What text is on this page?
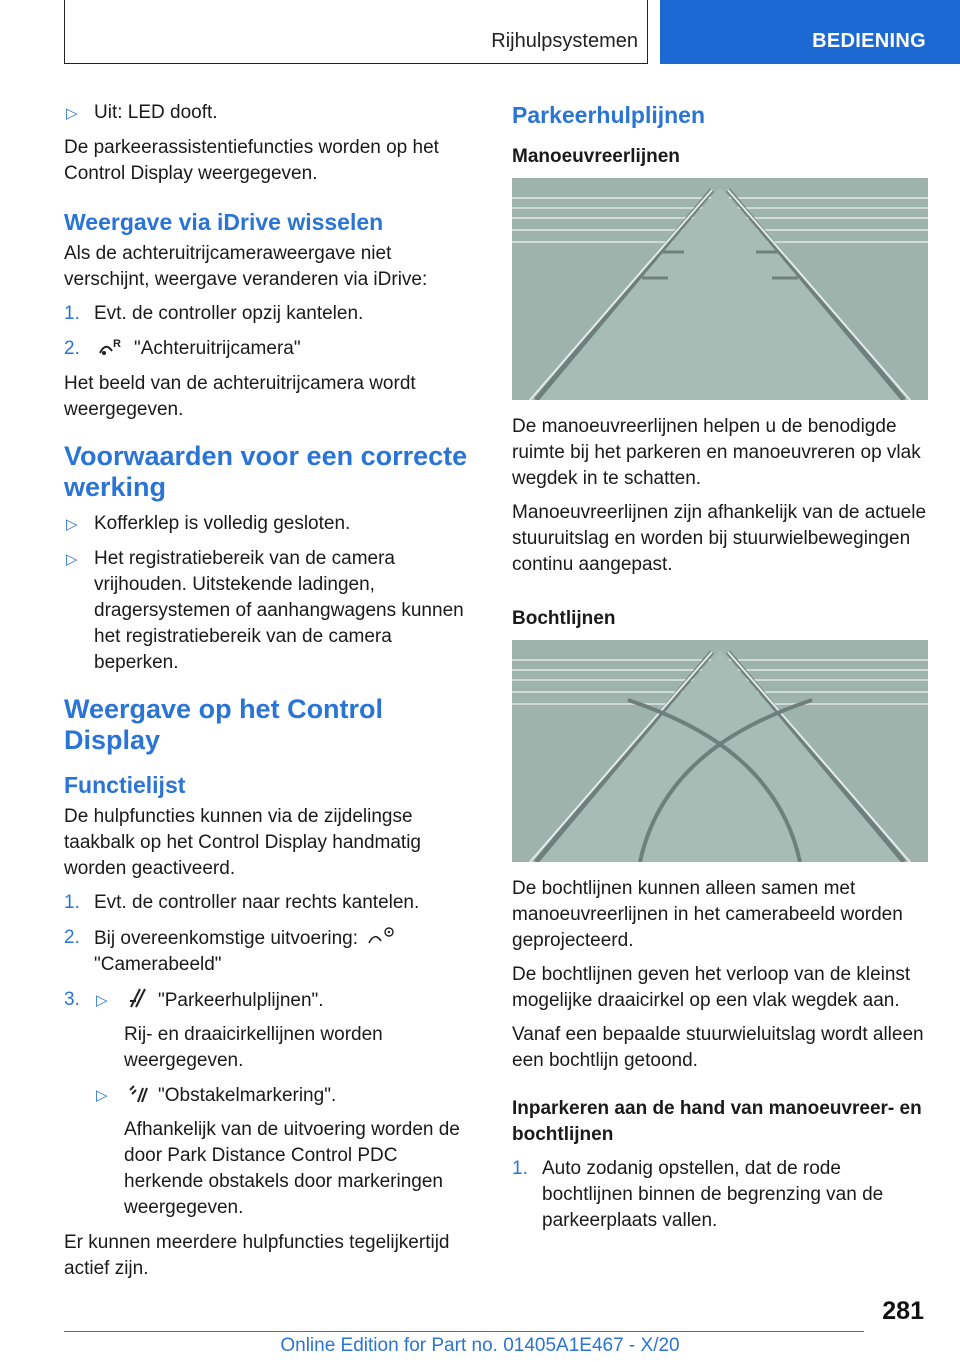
Rijhulpsystemen	BEDIENING
▷ Uit: LED dooft.

De parkeerassistentiefuncties worden op het Control Display weergegeven.

Weergave via iDrive wisselen

Als de achteruitrijcameraweergave niet verschijnt, weergave veranderen via iDrive:

1. Evt. de controller opzij kantelen.
2.	R "Achteruitrijcamera"

Het beeld van de achteruitrijcamera wordt weergegeven.

Voorwaarden voor een correcte werking
▷ Kofferklep is volledig gesloten.
▷ Het registratiebereik van de camera vrijhouden. Uitstekende ladingen, dragersystemen of aanhangwagens kunnen het registratiebereik van de camera beperken.
Weergave op het Control Display
Functielijst

De hulpfuncties kunnen via de zijdelingse taakbalk op het Control Display handmatig worden geactiveerd.

1. Evt. de controller naar rechts kantelen.
2. Bij overeenkomstige uitvoering:
"Camerabeeld"
3. ▷	"Parkeerhulplijnen".

Rij- en draaicirkellijnen worden weergegeven.

▷	"Obstakelmarkering".

Afhankelijk van de uitvoering worden de door Park Distance Control PDC herkende obstakels door markeringen weergegeven.

Er kunnen meerdere hulpfuncties tegelijkertijd actief zijn.

Parkeerhulplijnen
Manoeuvreerlijnen

De manoeuvreerlijnen helpen u de benodigde ruimte bij het parkeren en manoeuvreren op vlak wegdek in te schatten.

Manoeuvreerlijnen zijn afhankelijk van de actuele stuuruitslag en worden bij stuurwielbewegingen continu aangepast.

Bochtlijnen

De bochtlijnen kunnen alleen samen met manoeuvreerlijnen in het camerabeeld worden geprojecteerd.

De bochtlijnen geven het verloop van de kleinst mogelijke draaicirkel op een vlak wegdek aan.

Vanaf een bepaalde stuurwieluitslag wordt alleen een bochtlijn getoond.

Inparkeren aan de hand van manoeuvreer- en bochtlijnen
1. Auto zodanig opstellen, dat de rode bochtlijnen binnen de begrenzing van de parkeerplaats vallen.
281
Online Edition for Part no. 01405A1E467 - X/20
